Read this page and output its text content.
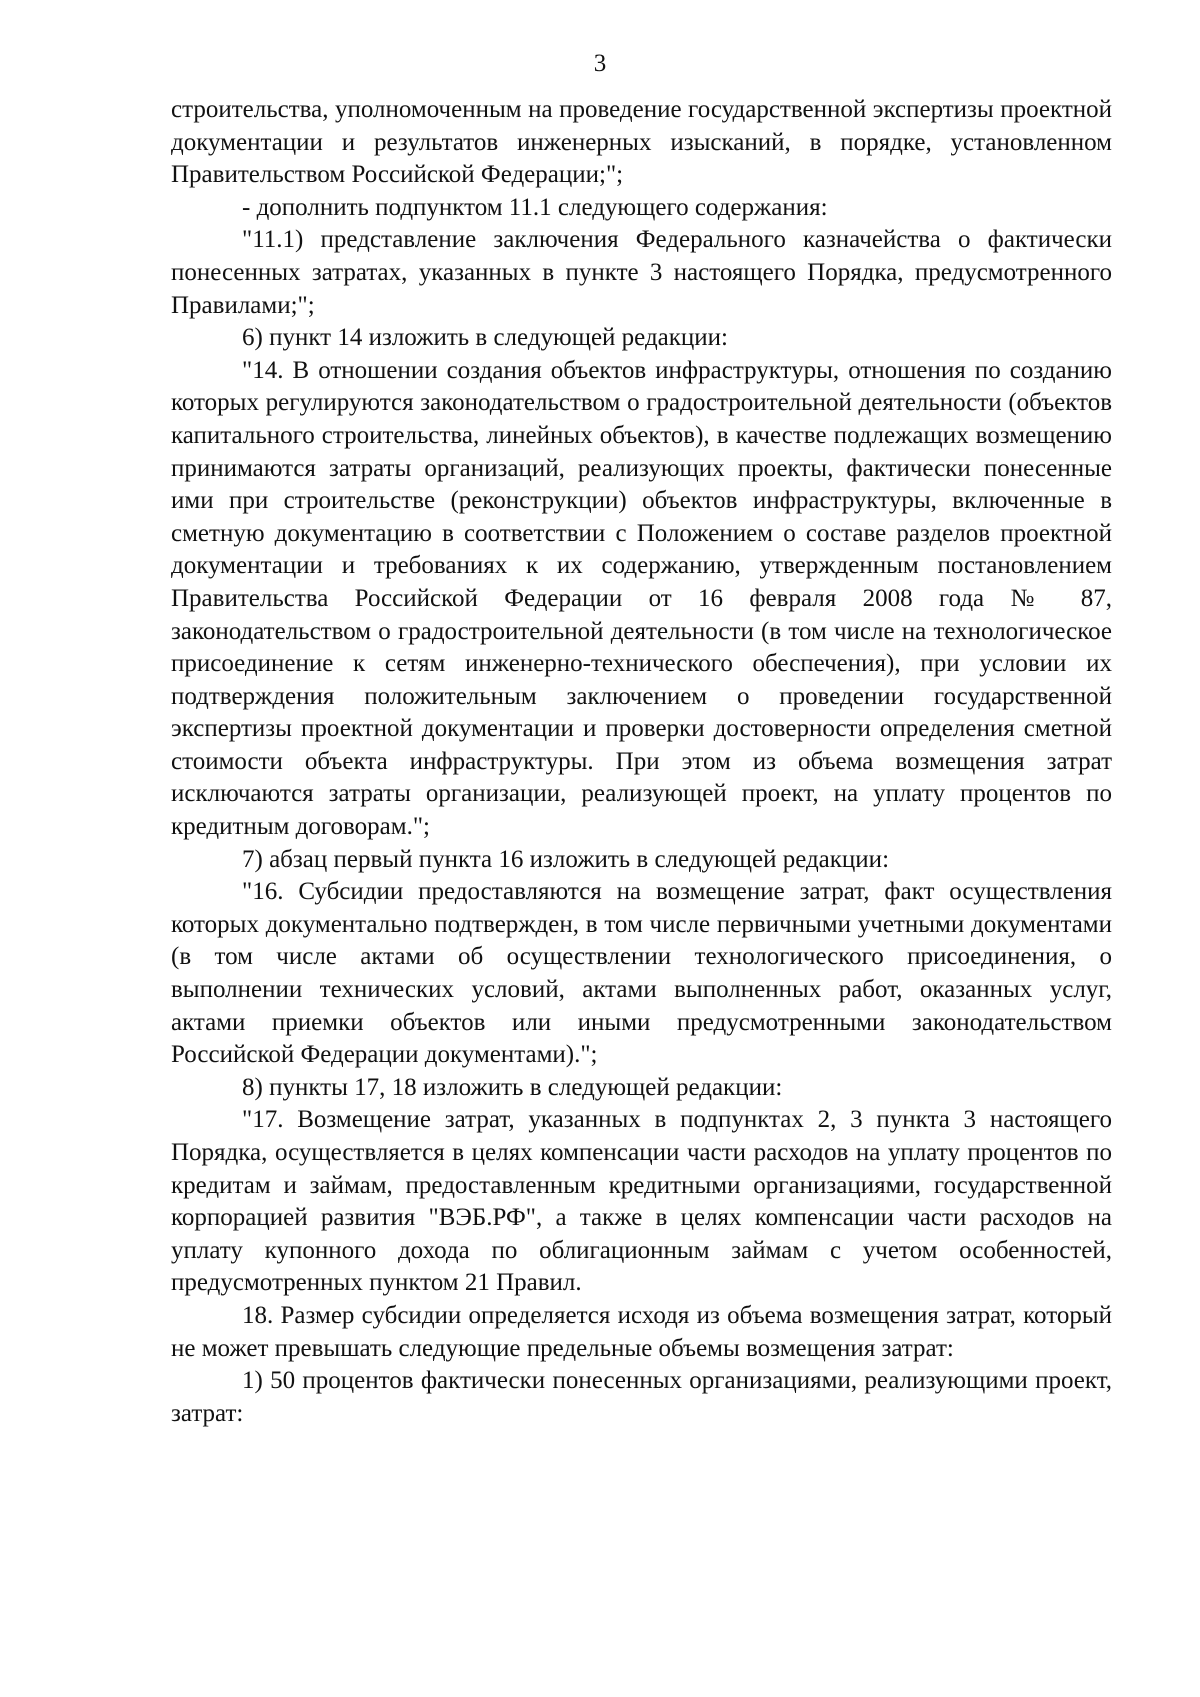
3

строительства, уполномоченным на проведение государственной экспертизы проектной документации и результатов инженерных изысканий, в порядке, установленном Правительством Российской Федерации;";

- дополнить подпунктом 11.1 следующего содержания:

"11.1) представление заключения Федерального казначейства о фактически понесенных затратах, указанных в пункте 3 настоящего Порядка, предусмотренного Правилами;";

6) пункт 14 изложить в следующей редакции:

"14. В отношении создания объектов инфраструктуры, отношения по созданию которых регулируются законодательством о градостроительной деятельности (объектов капитального строительства, линейных объектов), в качестве подлежащих возмещению принимаются затраты организаций, реализующих проекты, фактически понесенные ими при строительстве (реконструкции) объектов инфраструктуры, включенные в сметную документацию в соответствии с Положением о составе разделов проектной документации и требованиях к их содержанию, утвержденным постановлением Правительства Российской Федерации от 16 февраля 2008 года № 87, законодательством о градостроительной деятельности (в том числе на технологическое присоединение к сетям инженерно-технического обеспечения), при условии их подтверждения положительным заключением о проведении государственной экспертизы проектной документации и проверки достоверности определения сметной стоимости объекта инфраструктуры. При этом из объема возмещения затрат исключаются затраты организации, реализующей проект, на уплату процентов по кредитным договорам.";

7) абзац первый пункта 16 изложить в следующей редакции:

"16. Субсидии предоставляются на возмещение затрат, факт осуществления которых документально подтвержден, в том числе первичными учетными документами (в том числе актами об осуществлении технологического присоединения, о выполнении технических условий, актами выполненных работ, оказанных услуг, актами приемки объектов или иными предусмотренными законодательством Российской Федерации документами).";

8) пункты 17, 18 изложить в следующей редакции:

"17. Возмещение затрат, указанных в подпунктах 2, 3 пункта 3 настоящего Порядка, осуществляется в целях компенсации части расходов на уплату процентов по кредитам и займам, предоставленным кредитными организациями, государственной корпорацией развития "ВЭБ.РФ", а также в целях компенсации части расходов на уплату купонного дохода по облигационным займам с учетом особенностей, предусмотренных пунктом 21 Правил.

18. Размер субсидии определяется исходя из объема возмещения затрат, который не может превышать следующие предельные объемы возмещения затрат:

1) 50 процентов фактически понесенных организациями, реализующими проект, затрат:
